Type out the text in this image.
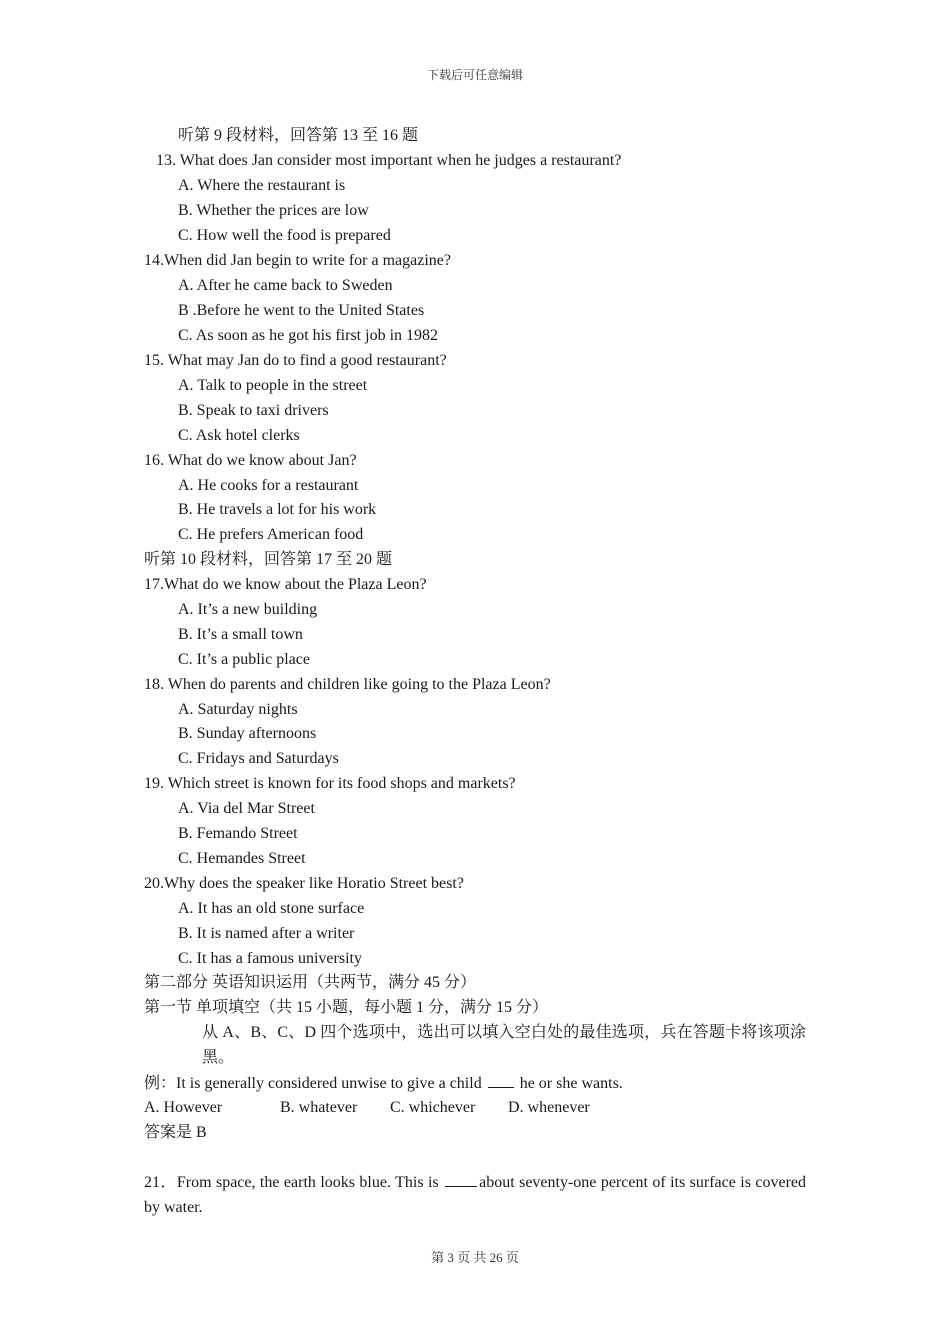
下载后可任意编辑
听第 9 段材料，回答第 13 至 16 题
13. What does Jan consider most important when he judges a restaurant?
A. Where the restaurant is
B. Whether the prices are low
C. How well the food is prepared
14.When did Jan begin to write for a magazine?
A. After he came back to Sweden
B .Before he went to the United States
C. As soon as he got his first job in 1982
15. What may Jan do to find a good restaurant?
A. Talk to people in the street
B. Speak to taxi drivers
C. Ask hotel clerks
16. What do we know about Jan?
A. He cooks for a restaurant
B. He travels a lot for his work
C. He prefers American food
听第 10 段材料，回答第 17 至 20 题
17.What do we know about the Plaza Leon?
A. It’s a new building
B. It’s a small town
C. It’s a public place
18. When do parents and children like going to the Plaza Leon?
A. Saturday nights
B. Sunday afternoons
C. Fridays and Saturdays
19. Which street is known for its food shops and markets?
A. Via del Mar Street
B. Femando Street
C. Hemandes Street
20.Why does the speaker like Horatio Street best?
A. It has an old stone surface
B. It is named after a writer
C. It has a famous university
第二部分 英语知识运用（共两节，满分 45 分）
第一节 单项填空（共 15 小题，每小题 1 分，满分 15 分）
从 A、B、C、D 四个选项中，选出可以填入空白处的最佳选项，兵在答题卡将该项涂黑。
例：It is generally considered unwise to give a child he or she wants.
A. However	B. whatever C. whichever D. whenever
答案是 B
21．From space, the earth looks blue. This is	about seventy-one percent of its surface is covered by water.
第 3 页 共 26 页
